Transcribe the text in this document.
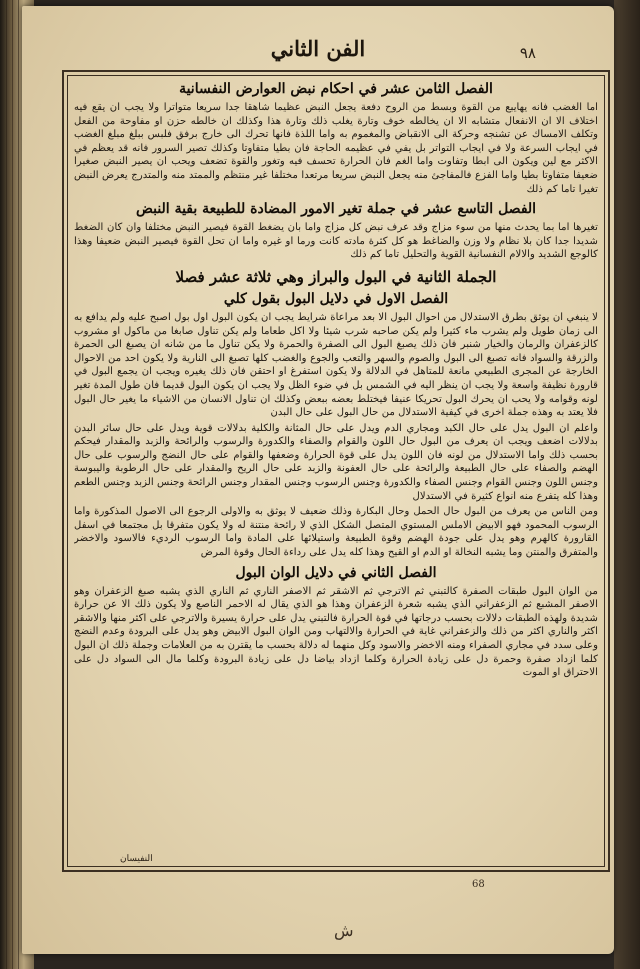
الفن الثاني	٩٨
الفصل الثامن عشر في احكام نبض العوارض النفسانية

اما الغضب فانه يهايبع من القوة وبسط من الروح دفعة يجعل النبض عظيما شاهقا جدا سريعا متواترا ولا يجب ان يقع فيه اختلاف الا ان الانفعال متشابه الا ان يخالطه خوف وتارة يغلب ذلك وتارة هذا وكذلك ان خالطه حزن او مفاوحة من الفعل وتكلف الامساك عن تشنجه وحركة الى الانقباض والمغموم به واما اللذة فانها تحرك الى خارج برفق فلبس ببلغ مبلغ الغضب في ايجاب السرعة ولا في ايجاب التواتر بل يفي في عظيمه الحاجة فان بطيا متفاوتا وكذلك تصير السرور فانه قد يعظم في الاكثر مع لين ويكون الى ابطا وتفاوت واما الغم فان الحرارة تحسف فيه وتغور والقوة تضعف ويحب ان يصير النبض صغيرا ضعيفا متفاوتا بطيا واما الفزع فالمفاجئ منه يجعل النبض سريعا مرتعدا مختلفا غير منتظم والممتد منه والمتدرج يعرض النبض تغيرا تاما كم ذلك

الفصل التاسع عشر في جملة تغير الامور المضادة للطبيعة بقية النبض

تغيرها اما بما يحدث منها من سوء مزاج وقد عرف نبض كل مزاج واما بان يضغط القوة فيصير النبض مختلفا وان كان الضغط شديدا جدا كان بلا نظام ولا وزن والضاغط هو كل كثرة مادته كانت ورما او غيره واما ان تحل القوة فيصير النبض ضعيفا وهذا كالوجع الشديد والالام النفسانية القوية والتحليل تاما كم ذلك

الجملة الثانية في البول والبراز وهي ثلاثة عشر فصلا
الفصل الاول في دلايل البول بقول كلي

لا ينبغي ان يوثق بطرق الاستدلال من احوال البول الا بعد مراعاة شرايط يجب ان يكون البول اول بول اصبح عليه ولم يدافع به الى زمان طويل ولم يشرب ماء كثيرا ولم يكن صاحبه شرب شيئا ولا اكل طعاما ولم يكن تناول صابغا من ماكول او مشروب كالزعفران والرمان والخيار شنبر فان ذلك يصبغ البول الى الصفرة والحمرة ولا يكن تناول ما من شانه ان يصبغ الى الحمرة والزرقة والسواد فانه تصبغ الى البول والصوم والسهر والتعب والجوع والغضب كلها تصبغ الى النارية ولا يكون احد من الاحوال الخارجة عن المجرى الطبيعي مانعة للمتاهل في الدلالة ولا يكون استفرغ او احتقن فان ذلك يغيره ويجب ان يجمع البول في قارورة نظيفة واسعة ولا يجب ان ينظر اليه في الشمس بل في ضوء الظل ولا يجب ان يكون البول قديما فان طول المدة تغير لونه وقوامه ولا يحب ان يحرك البول تحريكا عنيفا فيختلط بعضه ببعض وكذلك ان تناول الانسان من الاشياء ما يغير حال البول فلا يعتد به وهذه جملة اخرى في كيفية الاستدلال من حال البول على حال البدن

واعلم ان البول يدل على حال الكبد ومجاري الدم ويدل على حال المثانة والكلية بدلالات قوية ويدل على حال سائر البدن بدلالات اضعف ويجب ان يعرف من البول حال اللون والقوام والصفاء والكدورة والرسوب والرائحة والزبد والمقدار فيحكم بحسب ذلك واما الاستدلال من لونه فان اللون يدل على قوة الحرارة وضعفها والقوام على حال النضج والرسوب على حال الهضم والصفاء على حال الطبيعة والرائحة على حال العفونة والزبد على حال الريح والمقدار على حال الرطوبة واليبوسة وجنس اللون وجنس القوام وجنس الصفاء والكدورة وجنس الرسوب وجنس المقدار وجنس الرائحة وجنس الزبد وجنس الطعم وهذا كله يتفرع منه انواع كثيرة في الاستدلال

ومن الناس من يعرف من البول حال الحمل وحال البكارة وذلك ضعيف لا يوثق به والاولى الرجوع الى الاصول المذكورة واما الرسوب المحمود فهو الابيض الاملس المستوي المتصل الشكل الذي لا رائحة منتنة له ولا يكون متفرقا بل مجتمعا في اسفل القارورة كالهرم وهو يدل على جودة الهضم وقوة الطبيعة واستيلائها على المادة واما الرسوب الرديء فالاسود والاخضر والمتفرق والمنتن وما يشبه النخالة او الدم او القيح وهذا كله يدل على رداءة الحال وقوة المرض

الفصل الثاني في دلايل الوان البول

من الوان البول طبقات الصفرة كالتبني ثم الاترجي ثم الاشقر ثم الاصفر الناري ثم الناري الذي يشبه صبغ الزعفران وهو الاصفر المشبع ثم الزعفراني الذي يشبه شعرة الزعفران وهذا هو الذي يقال له الاحمر الناصع ولا يكون ذلك الا عن حرارة شديدة ولهذه الطبقات دلالات بحسب درجاتها في قوة الحرارة فالتبني يدل على حرارة يسيرة والاترجي على اكثر منها والاشقر اكثر والناري اكثر من ذلك والزعفراني غاية في الحرارة والالتهاب ومن الوان البول الابيض وهو يدل على البرودة وعدم النضج وعلى سدد في مجاري الصفراء ومنه الاخضر والاسود وكل منهما له دلالة بحسب ما يقترن به من العلامات وجملة ذلك ان البول كلما ازداد صفرة وحمرة دل على زيادة الحرارة وكلما ازداد بياضا دل على زيادة البرودة وكلما مال الى السواد دل على الاحتراق او الموت

النفيسان
68
ش
